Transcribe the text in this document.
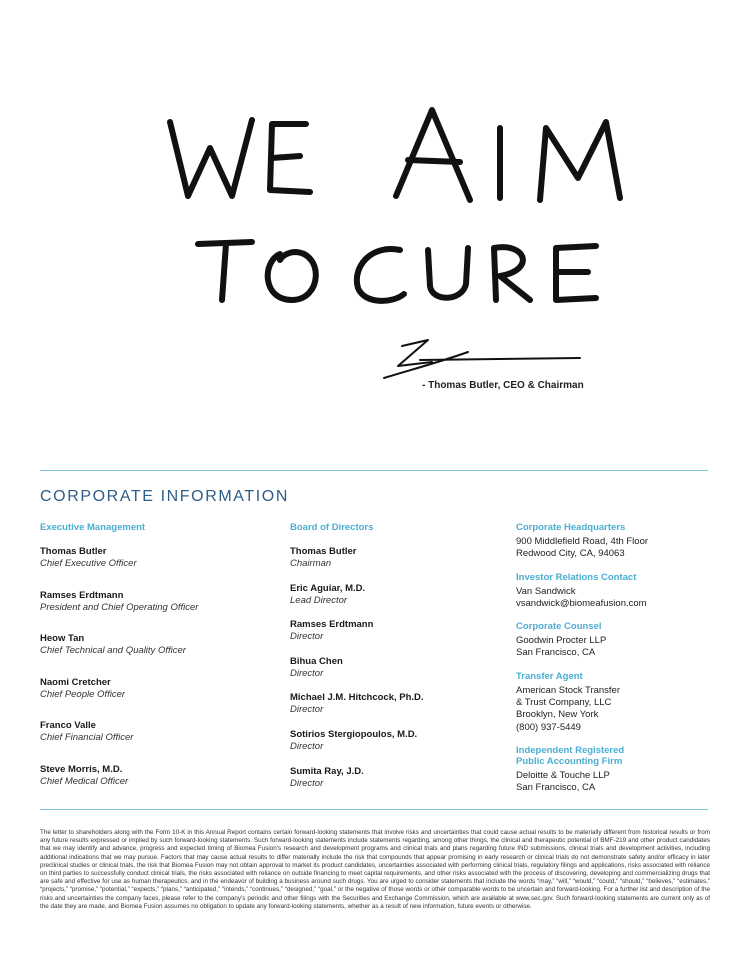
- Thomas Butler, CEO & Chairman
CORPORATE INFORMATION
Executive Management
Thomas Butler
Chief Executive Officer
Ramses Erdtmann
President and Chief Operating Officer
Heow Tan
Chief Technical and Quality Officer
Naomi Cretcher
Chief People Officer
Franco Valle
Chief Financial Officer
Steve Morris, M.D.
Chief Medical Officer
Board of Directors
Thomas Butler
Chairman
Eric Aguiar, M.D.
Lead Director
Ramses Erdtmann
Director
Bihua Chen
Director
Michael J.M. Hitchcock, Ph.D.
Director
Sotirios Stergiopoulos, M.D.
Director
Sumita Ray, J.D.
Director
Corporate Headquarters
900 Middlefield Road, 4th Floor
Redwood City, CA, 94063
Investor Relations Contact
Van Sandwick
vsandwick@biomeafusion.com
Corporate Counsel
Goodwin Procter LLP
San Francisco, CA
Transfer Agent
American Stock Transfer
& Trust Company, LLC
Brooklyn, New York
(800) 937-5449
Independent Registered
Public Accounting Firm
Deloitte & Touche LLP
San Francisco, CA
The letter to shareholders along with the Form 10-K in this Annual Report contains certain forward-looking statements that involve risks and uncertainties that could cause actual results to be materially different from historical results or from any future results expressed or implied by such forward-looking statements. Such forward-looking statements include statements regarding, among other things, the clinical and therapeutic potential of BMF-219 and other product candidates that we may identify and advance, progress and expected timing of Biomea Fusion’s research and development programs and clinical trials and plans regarding future IND submissions, clinical trials and development activities, including additional indications that we may pursue. Factors that may cause actual results to differ materially include the risk that compounds that appear promising in early research or clinical trials do not demonstrate safety and/or efficacy in later preclinical studies or clinical trials, the risk that Biomea Fusion may not obtain approval to market its product candidates, uncertainties associated with performing clinical trials, regulatory filings and applications, risks associated with reliance on third parties to successfully conduct clinical trials, the risks associated with reliance on outside financing to meet capital requirements, and other risks associated with the process of discovering, developing and commercializing drugs that are safe and effective for use as human therapeutics, and in the endeavor of building a business around such drugs. You are urged to consider statements that include the words “may,” “will,” “would,” “could,” “should,” “believes,” “estimates,” “projects,” “promise,” “potential,” “expects,” “plans,” “anticipated,” “intends,” “continues,” “designed,” “goal,” or the negative of those words or other comparable words to be uncertain and forward-looking. For a further list and description of the risks and uncertainties the company faces, please refer to the company’s periodic and other filings with the Securities and Exchange Commission, which are available at www.sec.gov. Such forward-looking statements are current only as of the date they are made, and Biomea Fusion assumes no obligation to update any forward-looking statements, whether as a result of new information, future events or otherwise.
